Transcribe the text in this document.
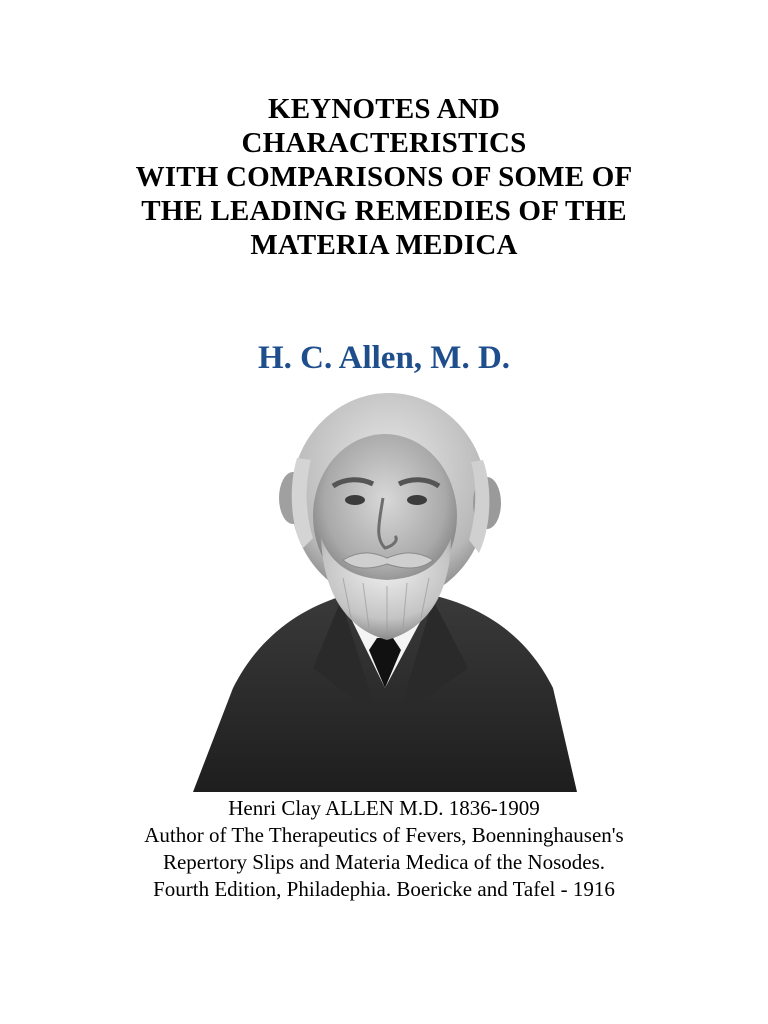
KEYNOTES AND
CHARACTERISTICS
WITH COMPARISONS OF SOME OF
THE LEADING REMEDIES OF THE
MATERIA MEDICA
H. C. Allen, M. D.
Henri Clay ALLEN M.D. 1836-1909
Author of The Therapeutics of Fevers, Boenninghausen's
Repertory Slips and Materia Medica of the Nosodes.
Fourth Edition, Philadephia. Boericke and Tafel - 1916
